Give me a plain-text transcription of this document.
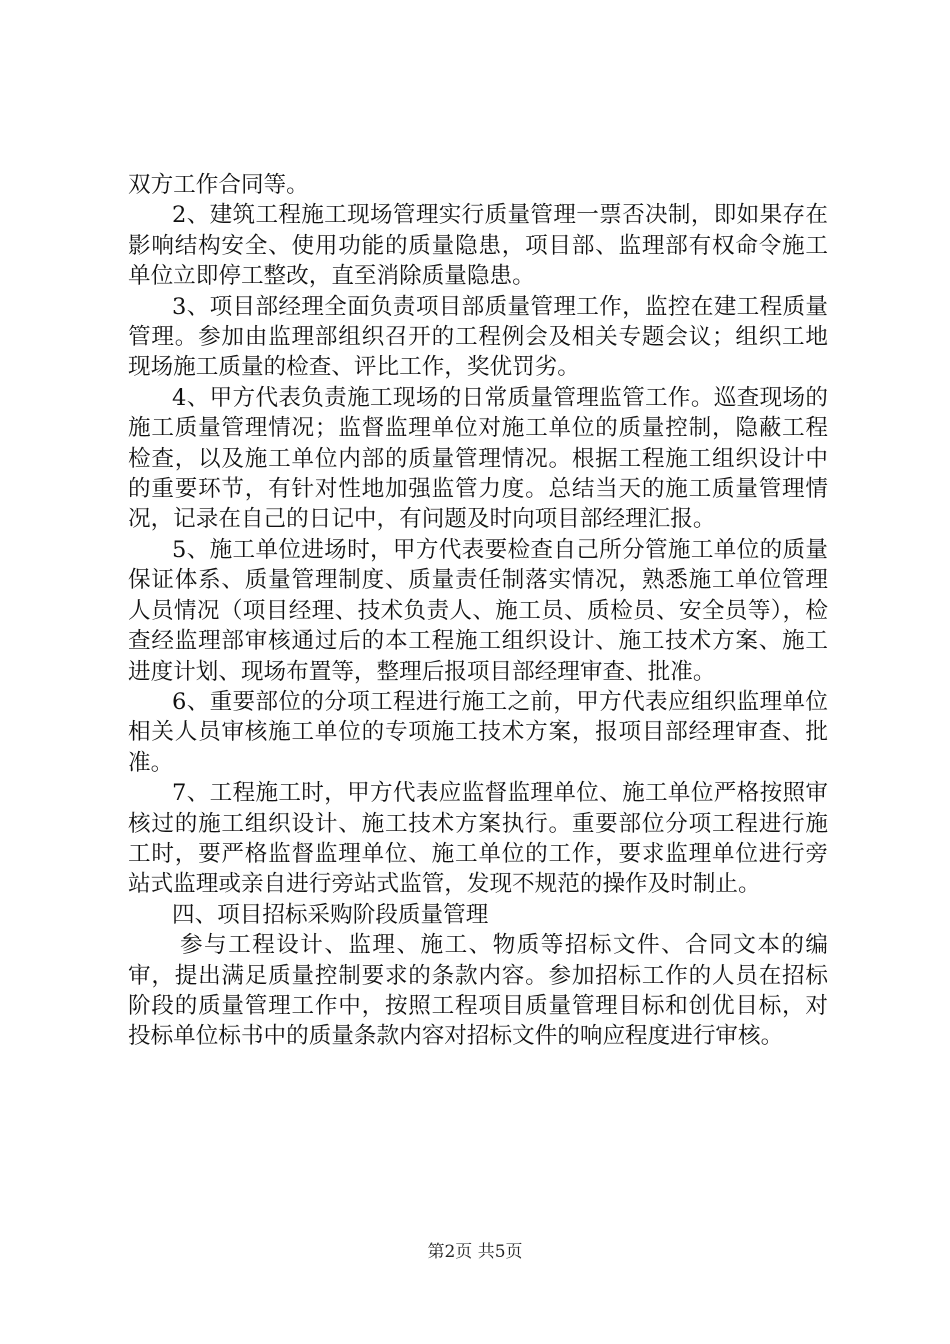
双方工作合同等。

2、建筑工程施工现场管理实行质量管理一票否决制，即如果存在影响结构安全、使用功能的质量隐患，项目部、监理部有权命令施工单位立即停工整改，直至消除质量隐患。

3、项目部经理全面负责项目部质量管理工作，监控在建工程质量管理。参加由监理部组织召开的工程例会及相关专题会议；组织工地现场施工质量的检查、评比工作，奖优罚劣。

4、甲方代表负责施工现场的日常质量管理监管工作。巡查现场的施工质量管理情况；监督监理单位对施工单位的质量控制，隐蔽工程检查，以及施工单位内部的质量管理情况。根据工程施工组织设计中的重要环节，有针对性地加强监管力度。总结当天的施工质量管理情况，记录在自己的日记中，有问题及时向项目部经理汇报。

5、施工单位进场时，甲方代表要检查自己所分管施工单位的质量保证体系、质量管理制度、质量责任制落实情况，熟悉施工单位管理人员情况（项目经理、技术负责人、施工员、质检员、安全员等），检查经监理部审核通过后的本工程施工组织设计、施工技术方案、施工进度计划、现场布置等，整理后报项目部经理审查、批准。

6、重要部位的分项工程进行施工之前，甲方代表应组织监理单位相关人员审核施工单位的专项施工技术方案，报项目部经理审查、批准。

7、工程施工时，甲方代表应监督监理单位、施工单位严格按照审核过的施工组织设计、施工技术方案执行。重要部位分项工程进行施工时，要严格监督监理单位、施工单位的工作，要求监理单位进行旁站式监理或亲自进行旁站式监管，发现不规范的操作及时制止。

四、项目招标采购阶段质量管理

参与工程设计、监理、施工、物质等招标文件、合同文本的编审，提出满足质量控制要求的条款内容。参加招标工作的人员在招标阶段的质量管理工作中，按照工程项目质量管理目标和创优目标，对投标单位标书中的质量条款内容对招标文件的响应程度进行审核。

第2页 共5页
